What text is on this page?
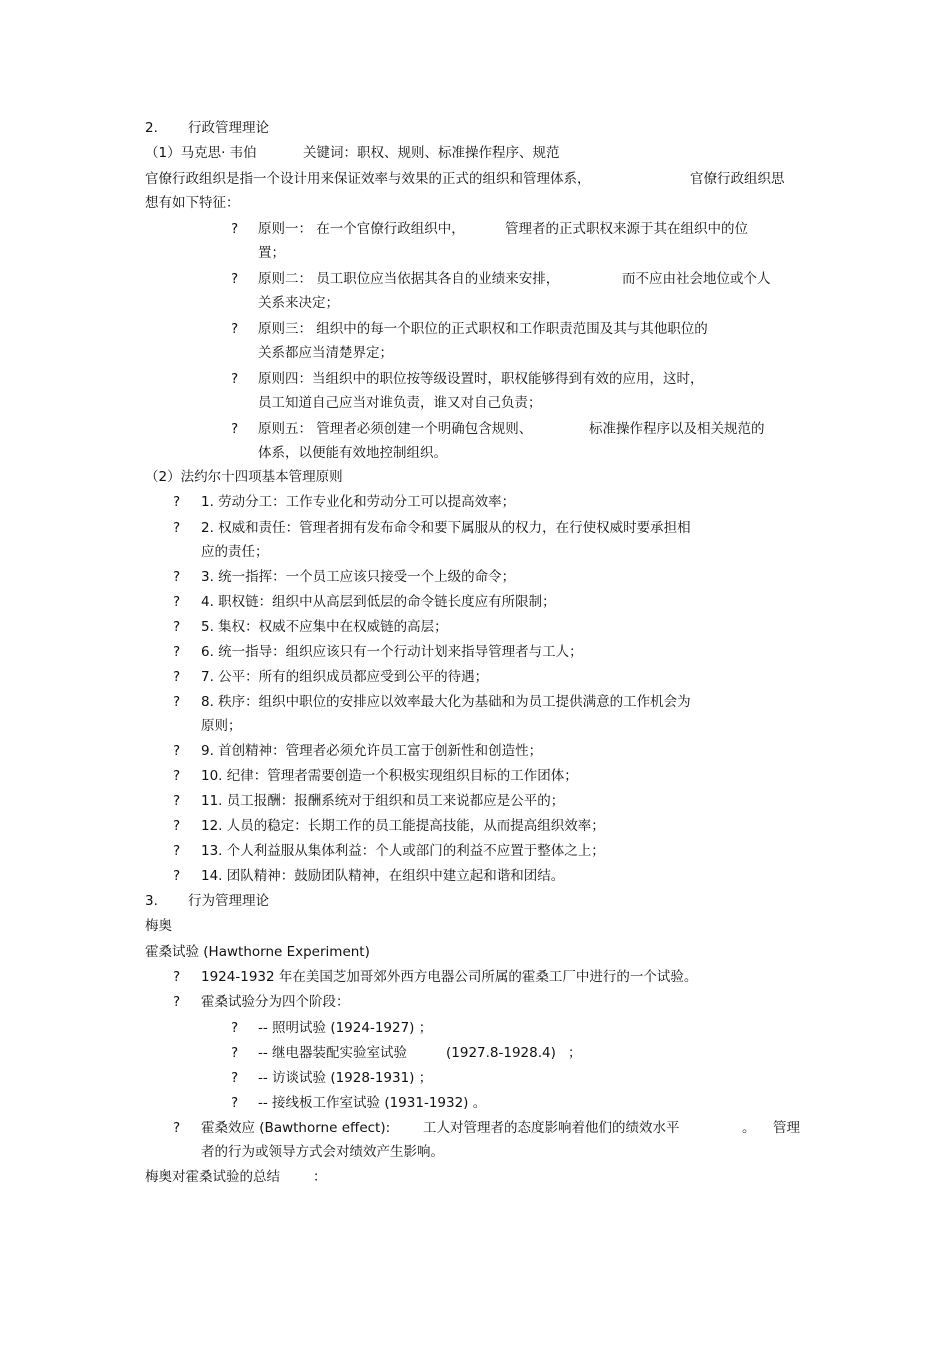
2. 行政管理理论
（1）马克思· 韦伯	关键词：职权、规则、标准操作程序、规范
官僚行政组织是指一个设计用来保证效率与效果的正式的组织和管理体系，	官僚行政组织思
想有如下特征：
? 原则一： 在一个官僚行政组织中，	管理者的正式职权来源于其在组织中的位
置；
? 原则二： 员工职位应当依据其各自的业绩来安排，	而不应由社会地位或个人
关系来决定；
? 原则三： 组织中的每一个职位的正式职权和工作职责范围及其与其他职位的
关系都应当清楚界定；
? 原则四：当组织中的职位按等级设置时，职权能够得到有效的应用，这时，
员工知道自己应当对谁负责，谁又对自己负责；
? 原则五： 管理者必须创建一个明确包含规则、	标准操作程序以及相关规范的
体系，以便能有效地控制组织。
（2）法约尔十四项基本管理原则
? 1. 劳动分工：工作专业化和劳动分工可以提高效率；
? 2. 权威和责任：管理者拥有发布命令和要下属服从的权力，在行使权威时要承担相
应的责任；
? 3. 统一指挥：一个员工应该只接受一个上级的命令；
? 4. 职权链：组织中从高层到低层的命令链长度应有所限制；
? 5. 集权：权威不应集中在权威链的高层；
? 6. 统一指导：组织应该只有一个行动计划来指导管理者与工人；
? 7. 公平：所有的组织成员都应受到公平的待遇；
? 8. 秩序：组织中职位的安排应以效率最大化为基础和为员工提供满意的工作机会为
原则；
? 9. 首创精神：管理者必须允许员工富于创新性和创造性；
? 10. 纪律：管理者需要创造一个积极实现组织目标的工作团体；
? 11. 员工报酬：报酬系统对于组织和员工来说都应是公平的；
? 12. 人员的稳定：长期工作的员工能提高技能，从而提高组织效率；
? 13. 个人利益服从集体利益：个人或部门的利益不应置于整体之上；
? 14. 团队精神：鼓励团队精神，在组织中建立起和谐和团结。
3. 行为管理理论
梅奥
霍桑试验 (Hawthorne Experiment)
? 1924-1932 年在美国芝加哥郊外西方电器公司所属的霍桑工厂中进行的一个试验。
? 霍桑试验分为四个阶段：
? -- 照明试验 (1924-1927) ；
? -- 继电器装配实验室试验	(1927.8-1928.4) ；
? -- 访谈试验 (1928-1931) ；
? -- 接线板工作室试验 (1931-1932) 。
? 霍桑效应 (Bawthorne effect): 工人对管理者的态度影响着他们的绩效水平	。 管理
者的行为或领导方式会对绩效产生影响。
梅奥对霍桑试验的总结 ：
